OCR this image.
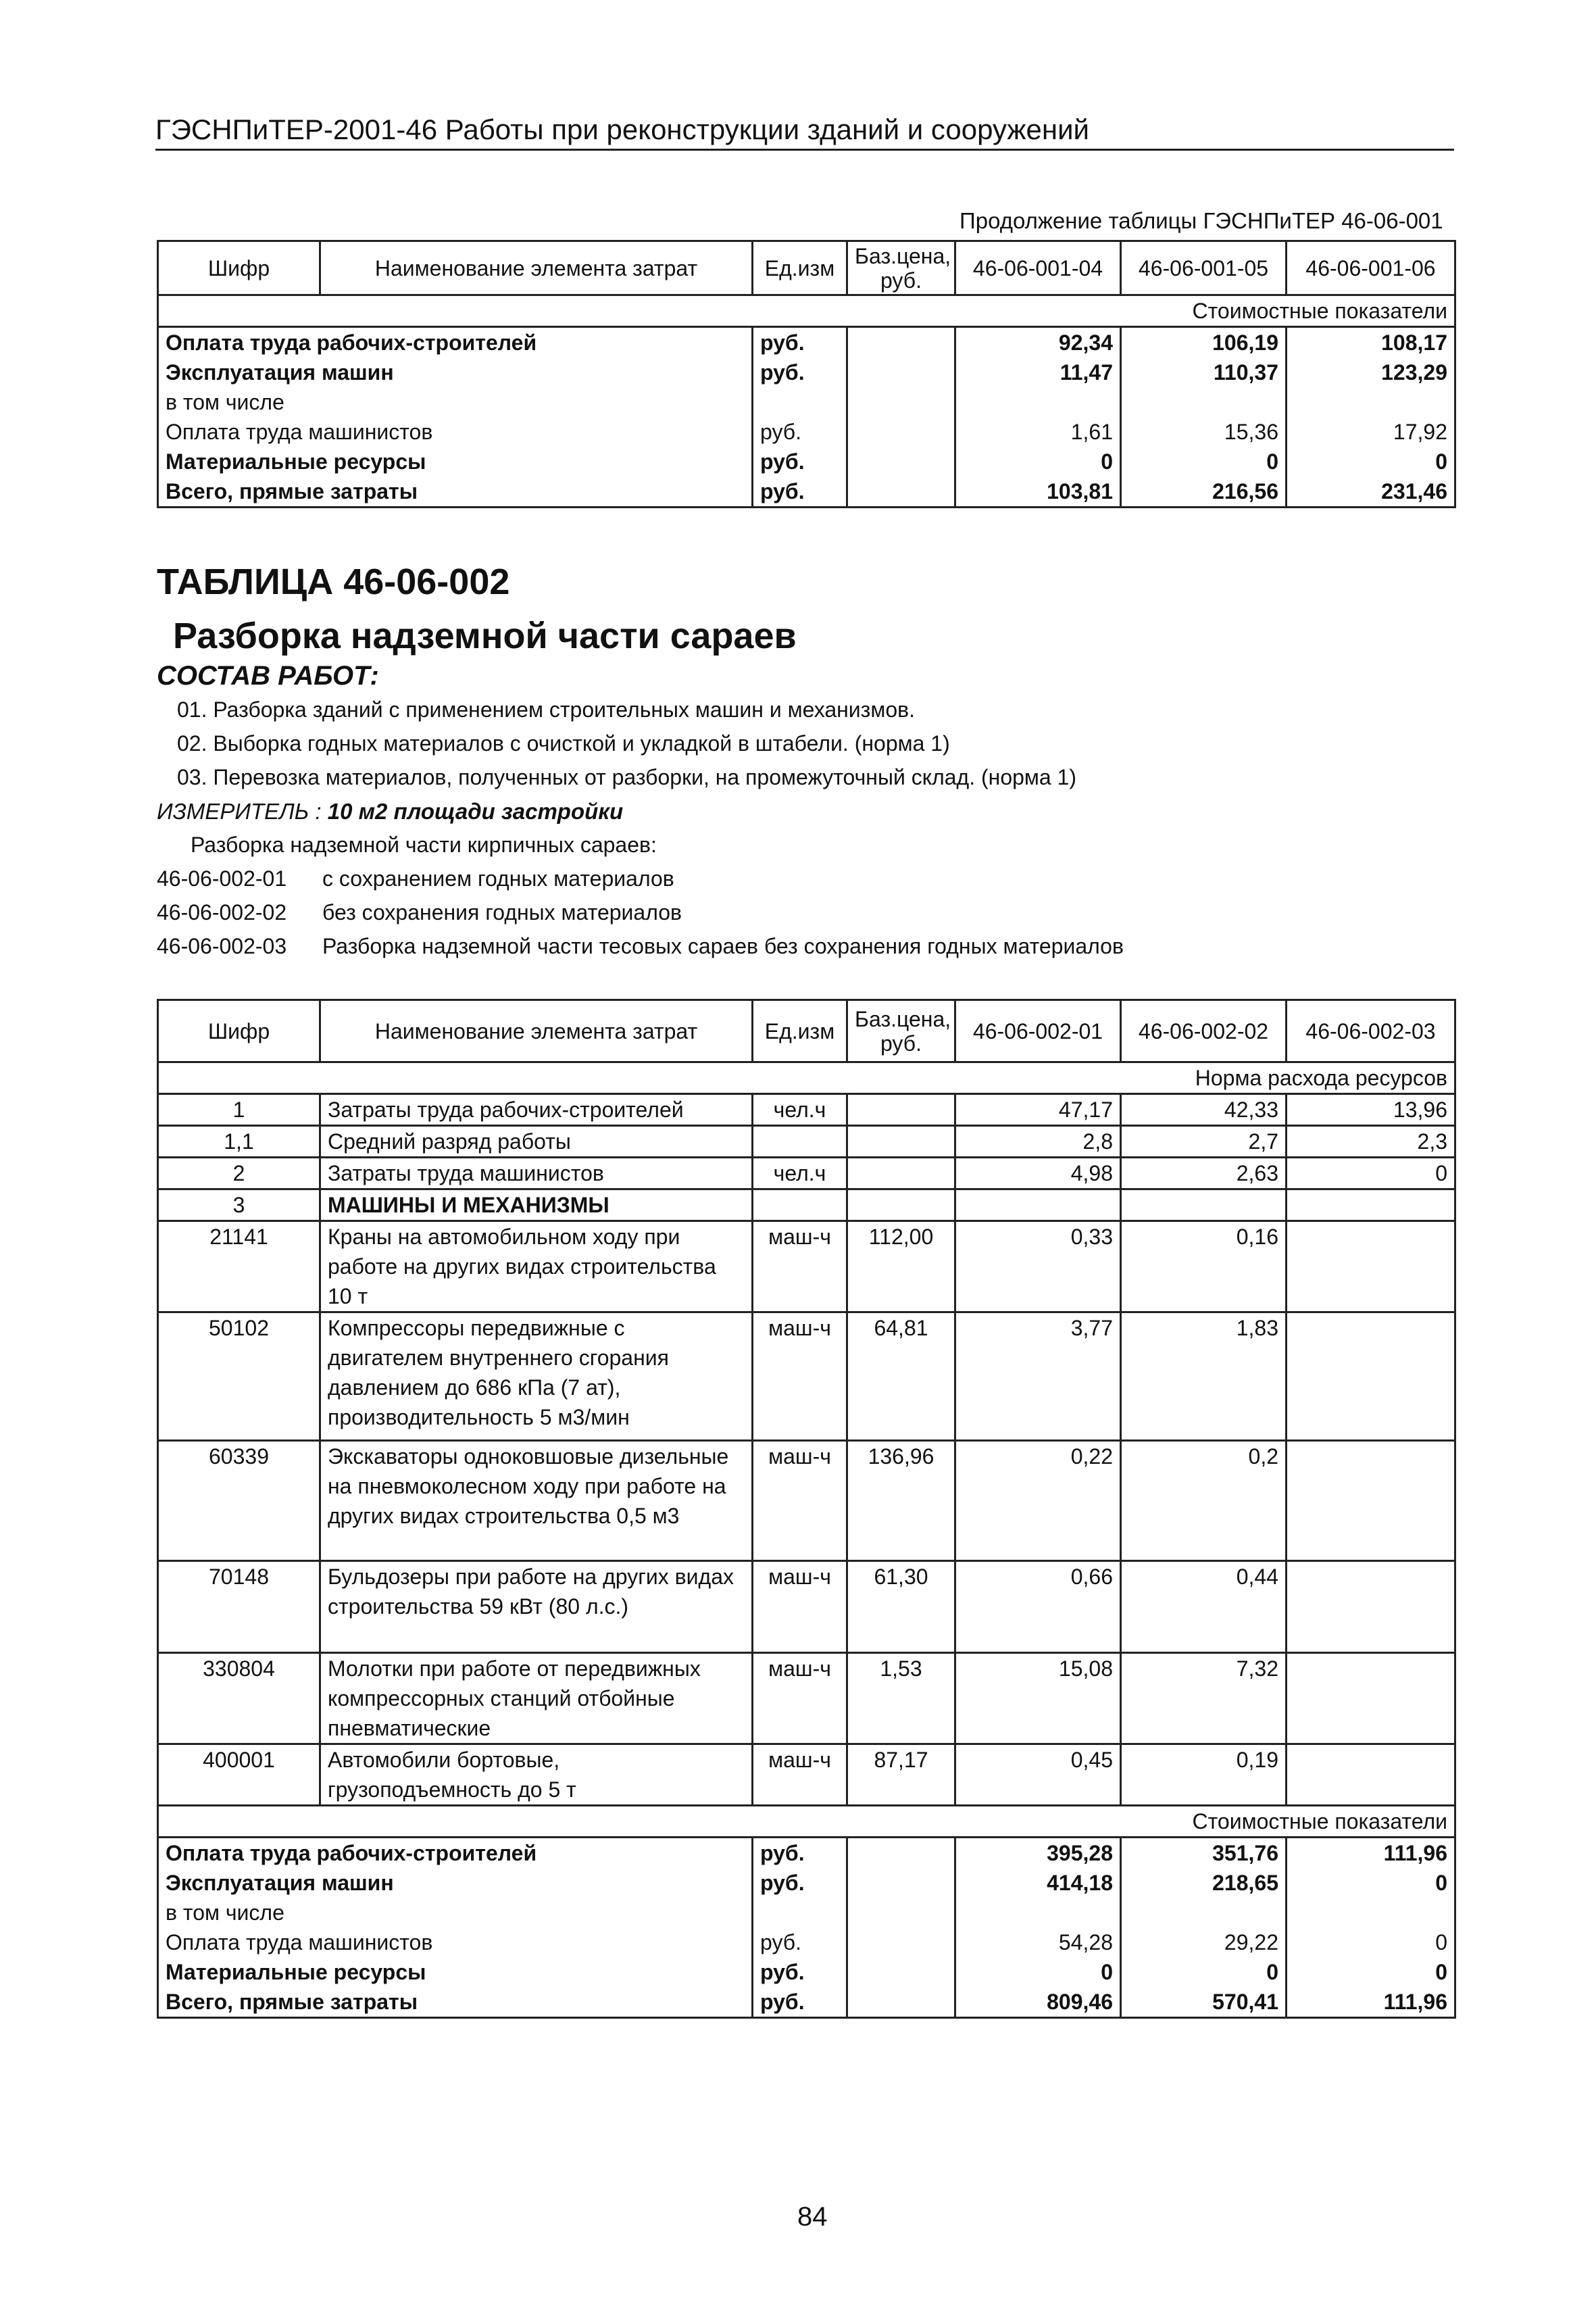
ГЭСНПиТЕР-2001-46 Работы при реконструкции зданий и сооружений
Продолжение таблицы ГЭСНПиТЕР 46-06-001
Шифр	Наименование элемента затрат	Ед.изм	Баз.цена, руб.	46-06-001-04	46-06-001-05	46-06-001-06
Стоимостные показатели						
Оплата труда рабочих-строителей		руб.		92,34	106,19	108,17
Эксплуатация машин		руб.		11,47	110,37	123,29
в том числе						
Оплата труда машинистов		руб.		1,61	15,36	17,92
Материальные ресурсы		руб.		0	0	0
Всего, прямые затраты		руб.		103,81	216,56	231,46
ТАБЛИЦА 46-06-002
Разборка надземной части сараев
СОСТАВ РАБОТ:
01. Разборка зданий с применением строительных машин и механизмов.
02. Выборка годных материалов с очисткой и укладкой в штабели. (норма 1)
03. Перевозка материалов, полученных от разборки, на промежуточный склад. (норма 1)
ИЗМЕРИТЕЛЬ : 10 м2 площади застройки
Разборка надземной части кирпичных сараев:
46-06-002-01 с сохранением годных материалов
46-06-002-02 без сохранения годных материалов
46-06-002-03 Разборка надземной части тесовых сараев без сохранения годных материалов
Шифр	Наименование элемента затрат	Ед.изм	Баз.цена, руб.	46-06-002-01	46-06-002-02	46-06-002-03
Норма расхода ресурсов						
1	Затраты труда рабочих-строителей	чел.ч		47,17	42,33	13,96
1,1	Средний разряд работы			2,8	2,7	2,3
2	Затраты труда машинистов	чел.ч		4,98	2,63	0
3	МАШИНЫ И МЕХАНИЗМЫ					
21141	Краны на автомобильном ходу при работе на других видах строительства 10 т	маш-ч	112,00	0,33	0,16	
50102	Компрессоры передвижные с двигателем внутреннего сгорания давлением до 686 кПа (7 ат), производительность 5 м3/мин	маш-ч	64,81	3,77	1,83	
60339	Экскаваторы одноковшовые дизельные на пневмоколесном ходу при работе на других видах строительства 0,5 м3	маш-ч	136,96	0,22	0,2	
70148	Бульдозеры при работе на других видах строительства 59 кВт (80 л.с.)	маш-ч	61,30	0,66	0,44	
330804	Молотки при работе от передвижных компрессорных станций отбойные пневматические	маш-ч	1,53	15,08	7,32	
400001	Автомобили бортовые, грузоподъемность до 5 т	маш-ч	87,17	0,45	0,19	
Стоимостные показатели						
Оплата труда рабочих-строителей		руб.		395,28	351,76	111,96
Эксплуатация машин		руб.		414,18	218,65	0
в том числе						
Оплата труда машинистов		руб.		54,28	29,22	0
Материальные ресурсы		руб.		0	0	0
Всего, прямые затраты		руб.		809,46	570,41	111,96
84
